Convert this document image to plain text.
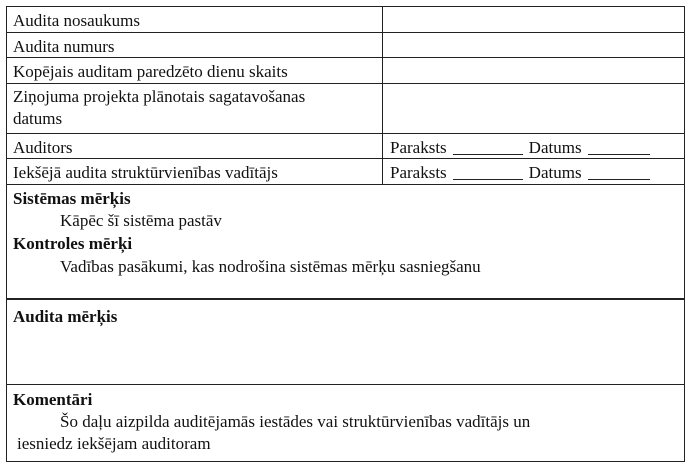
Audita nosaukums
Audita numurs
Kopējais auditam paredzēto dienu skaits
Ziņojuma projekta plānotais sagatavošanas
datums
Auditors	Paraksts	Datums
Iekšējā audita struktūrvienības vadītājs	Paraksts	Datums
Sistēmas mērķis
Kāpēc šī sistēma pastāv
Kontroles mērķi
Vadības pasākumi, kas nodrošina sistēmas mērķu sasniegšanu
Audita mērķis
Komentāri
Šo daļu aizpilda auditējamās iestādes vai struktūrvienības vadītājs un
iesniedz iekšējam auditoram
